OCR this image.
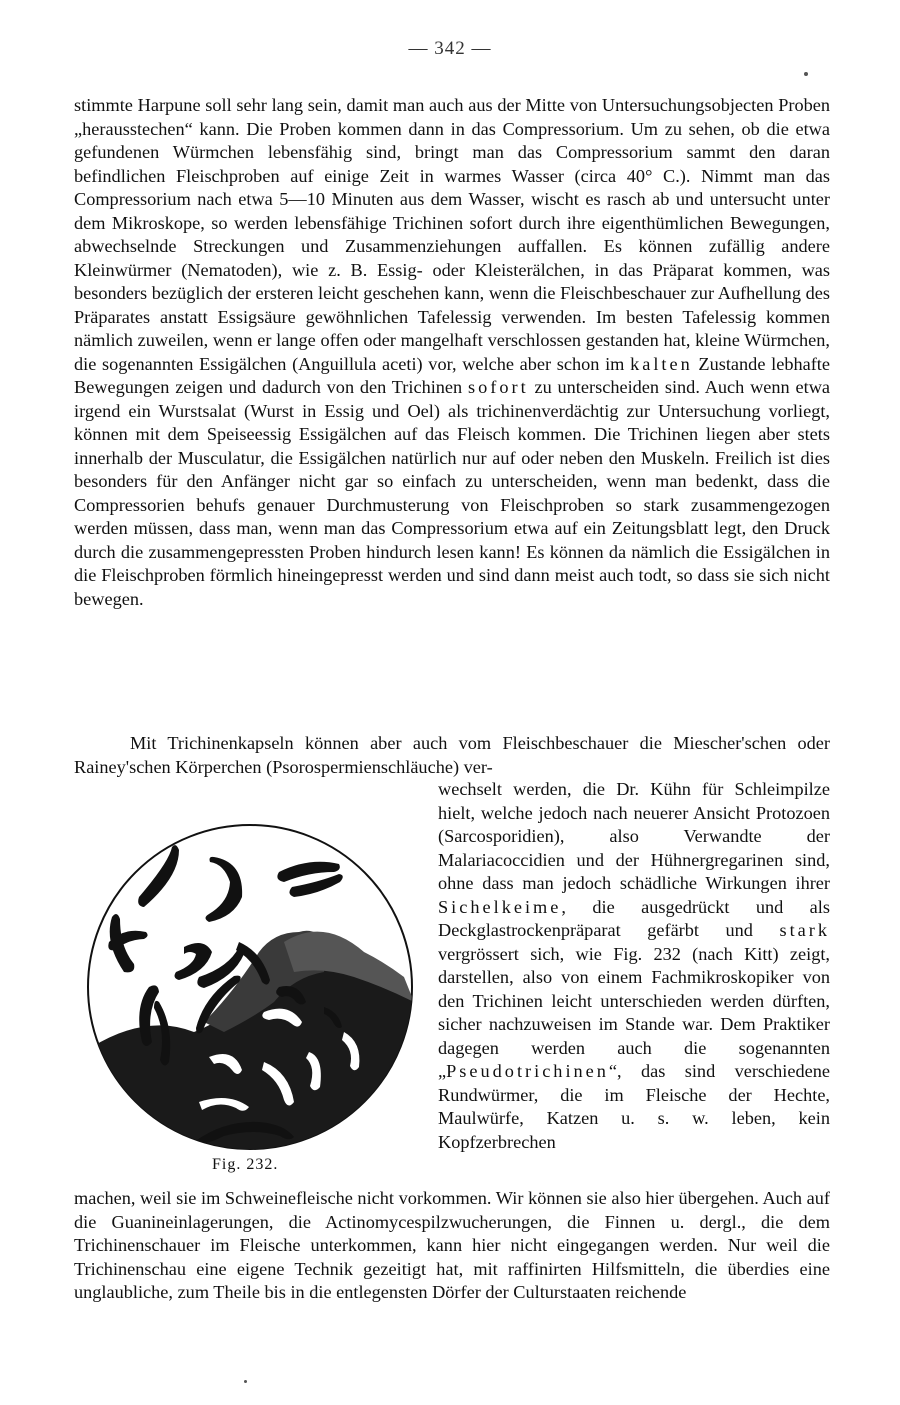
— 342 —

stimmte Harpune soll sehr lang sein, damit man auch aus der Mitte von Untersuchungsobjecten Proben „herausstechen“ kann. Die Proben kommen dann in das Compressorium. Um zu sehen, ob die etwa gefundenen Würmchen lebensfähig sind, bringt man das Compressorium sammt den daran befindlichen Fleischproben auf einige Zeit in warmes Wasser (circa 40° C.). Nimmt man das Compressorium nach etwa 5—10 Minuten aus dem Wasser, wischt es rasch ab und untersucht unter dem Mikroskope, so werden lebensfähige Trichinen sofort durch ihre eigenthümlichen Bewegungen, abwechselnde Streckungen und Zusammenziehungen auffallen. Es können zufällig andere Kleinwürmer (Nematoden), wie z. B. Essig- oder Kleisterälchen, in das Präparat kommen, was besonders bezüglich der ersteren leicht geschehen kann, wenn die Fleischbeschauer zur Aufhellung des Präparates anstatt Essigsäure gewöhnlichen Tafelessig verwenden. Im besten Tafelessig kommen nämlich zuweilen, wenn er lange offen oder mangelhaft verschlossen gestanden hat, kleine Würmchen, die sogenannten Essigälchen (Anguillula aceti) vor, welche aber schon im kalten Zustande lebhafte Bewegungen zeigen und dadurch von den Trichinen sofort zu unterscheiden sind. Auch wenn etwa irgend ein Wurstsalat (Wurst in Essig und Oel) als trichinenverdächtig zur Untersuchung vorliegt, können mit dem Speiseessig Essigälchen auf das Fleisch kommen. Die Trichinen liegen aber stets innerhalb der Musculatur, die Essigälchen natürlich nur auf oder neben den Muskeln. Freilich ist dies besonders für den Anfänger nicht gar so einfach zu unterscheiden, wenn man bedenkt, dass die Compressorien behufs genauer Durchmusterung von Fleischproben so stark zusammengezogen werden müssen, dass man, wenn man das Compressorium etwa auf ein Zeitungsblatt legt, den Druck durch die zusammengepressten Proben hindurch lesen kann! Es können da nämlich die Essigälchen in die Fleischproben förmlich hineingepresst werden und sind dann meist auch todt, so dass sie sich nicht bewegen.

Mit Trichinenkapseln können aber auch vom Fleischbeschauer die Miescher'schen oder Rainey'schen Körperchen (Psorospermienschläuche) ver-

Fig. 232.

wechselt werden, die Dr. Kühn für Schleimpilze hielt, welche jedoch nach neuerer Ansicht Protozoen (Sarcosporidien), also Verwandte der Malariacoccidien und der Hühnergregarinen sind, ohne dass man jedoch schädliche Wirkungen ihrer Sichelkeime, die ausgedrückt und als Deckglastrockenpräparat gefärbt und stark vergrössert sich, wie Fig. 232 (nach Kitt) zeigt, darstellen, also von einem Fachmikroskopiker von den Trichinen leicht unterschieden werden dürften, sicher nachzuweisen im Stande war. Dem Praktiker dagegen werden auch die sogenannten „Pseudotrichinen“, das sind verschiedene Rundwürmer, die im Fleische der Hechte, Maulwürfe, Katzen u. s. w. leben, kein Kopfzerbrechen

machen, weil sie im Schweinefleische nicht vorkommen. Wir können sie also hier übergehen. Auch auf die Guanineinlagerungen, die Actinomycespilzwucherungen, die Finnen u. dergl., die dem Trichinenschauer im Fleische unterkommen, kann hier nicht eingegangen werden. Nur weil die Trichinenschau eine eigene Technik gezeitigt hat, mit raffinirten Hilfsmitteln, die überdies eine unglaubliche, zum Theile bis in die entlegensten Dörfer der Culturstaaten reichende
